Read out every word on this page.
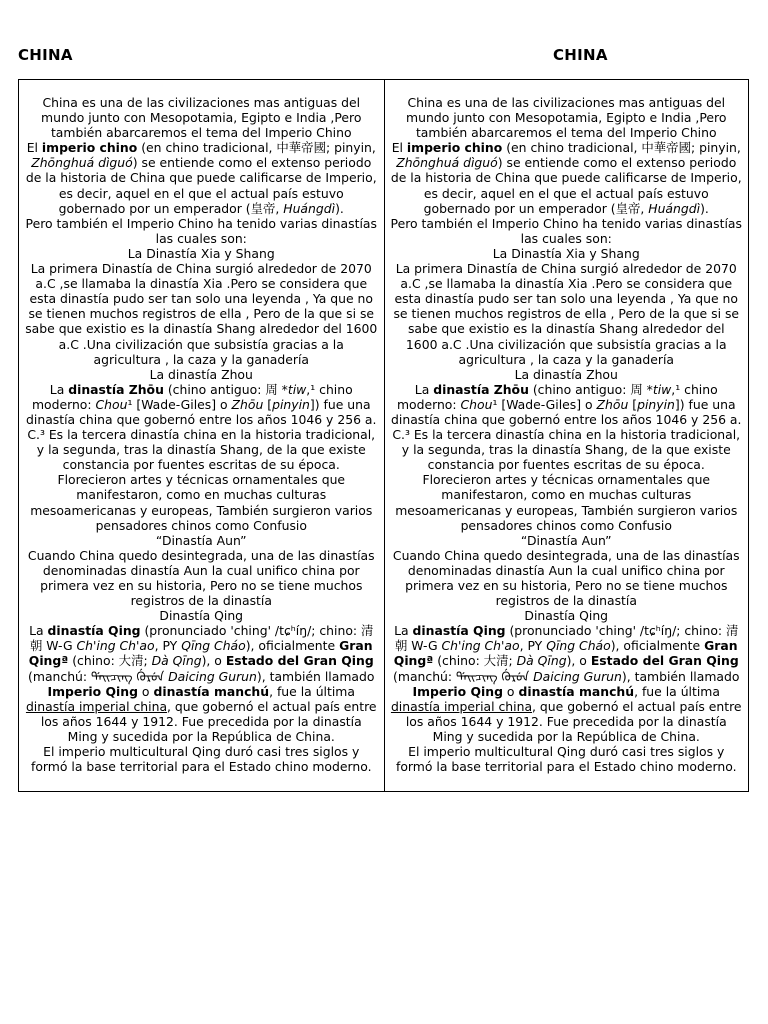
CHINA	CHINA

China es una de las civilizaciones mas antiguas del mundo junto con Mesopotamia, Egipto e India ,Pero también abarcaremos el tema del Imperio Chino

El imperio chino (en chino tradicional, 中華帝國; pinyin, Zhōnghuá dìguó) se entiende como el extenso periodo de la historia de China que puede calificarse de Imperio, es decir, aquel en el que el actual país estuvo gobernado por un emperador (皇帝, Huángdì).

Pero también el Imperio Chino ha tenido varias dinastías las cuales son:

La Dinastía Xia y Shang

La primera Dinastía de China surgió alrededor de 2070 a.C ,se llamaba la dinastía Xia .Pero se considera que esta dinastía pudo ser tan solo una leyenda , Ya que no se tienen muchos registros de ella , Pero de la que si se sabe que existio es la dinastía Shang alrededor del 1600 a.C .Una civilización que subsistía gracias a la agricultura , la caza y la ganadería

La dinastía Zhou

La dinastía Zhōu (chino antiguo: 周 *tiw,¹ chino moderno: Chou¹ [Wade-Giles] o Zhōu [pinyin]) fue una dinastía china que gobernó entre los años 1046 y 256 a. C.³ Es la tercera dinastía china en la historia tradicional, y la segunda, tras la dinastía Shang, de la que existe constancia por fuentes escritas de su época.

Florecieron artes y técnicas ornamentales que manifestaron, como en muchas culturas mesoamericanas y europeas, También surgieron varios pensadores chinos como Confusio

“Dinastía Aun”

Cuando China quedo desintegrada, una de las dinastías denominadas dinastía Aun la cual unifico china por primera vez en su historia, Pero no se tiene muchos registros de la dinastía

Dinastía Qing

La dinastía Qing (pronunciado 'ching' /tɕʰíŋ/; chino: 清朝 W-G Ch'ing Ch'ao, PY Qīng Cháo), oficialmente Gran Qingª (chino: 大清; Dà Qīng), o Estado del Gran Qing (manchú: ᡩᠠᡳᠴᡳᠩ ᡤᡠᡵᡠᠨ Daicing Gurun), también llamado Imperio Qing o dinastía manchú, fue la última dinastía imperial china, que gobernó el actual país entre los años 1644 y 1912. Fue precedida por la dinastía Ming y sucedida por la República de China.

El imperio multicultural Qing duró casi tres siglos y formó la base territorial para el Estado chino moderno.

China es una de las civilizaciones mas antiguas del mundo junto con Mesopotamia, Egipto e India ,Pero también abarcaremos el tema del Imperio Chino

El imperio chino (en chino tradicional, 中華帝國; pinyin, Zhōnghuá dìguó) se entiende como el extenso periodo de la historia de China que puede calificarse de Imperio, es decir, aquel en el que el actual país estuvo gobernado por un emperador (皇帝, Huángdì).

Pero también el Imperio Chino ha tenido varias dinastías las cuales son:

La Dinastía Xia y Shang

La primera Dinastía de China surgió alrededor de 2070 a.C ,se llamaba la dinastía Xia .Pero se considera que esta dinastía pudo ser tan solo una leyenda , Ya que no se tienen muchos registros de ella , Pero de la que si se sabe que existio es la dinastía Shang alrededor del 1600 a.C .Una civilización que subsistía gracias a la agricultura , la caza y la ganadería

La dinastía Zhou

La dinastía Zhōu (chino antiguo: 周 *tiw,¹ chino moderno: Chou¹ [Wade-Giles] o Zhōu [pinyin]) fue una dinastía china que gobernó entre los años 1046 y 256 a. C.³ Es la tercera dinastía china en la historia tradicional, y la segunda, tras la dinastía Shang, de la que existe constancia por fuentes escritas de su época.

Florecieron artes y técnicas ornamentales que manifestaron, como en muchas culturas mesoamericanas y europeas, También surgieron varios pensadores chinos como Confusio

“Dinastía Aun”

Cuando China quedo desintegrada, una de las dinastías denominadas dinastía Aun la cual unifico china por primera vez en su historia, Pero no se tiene muchos registros de la dinastía

Dinastía Qing

La dinastía Qing (pronunciado 'ching' /tɕʰíŋ/; chino: 清朝 W-G Ch'ing Ch'ao, PY Qīng Cháo), oficialmente Gran Qingª (chino: 大清; Dà Qīng), o Estado del Gran Qing (manchú: ᡩᠠᡳᠴᡳᠩ ᡤᡠᡵᡠᠨ Daicing Gurun), también llamado Imperio Qing o dinastía manchú, fue la última dinastía imperial china, que gobernó el actual país entre los años 1644 y 1912. Fue precedida por la dinastía Ming y sucedida por la República de China.

El imperio multicultural Qing duró casi tres siglos y formó la base territorial para el Estado chino moderno.
